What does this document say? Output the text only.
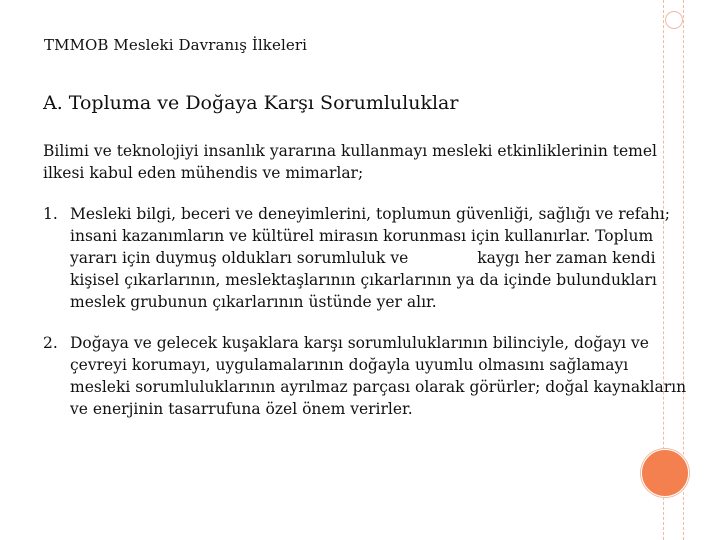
TMMOB Mesleki Davranış İlkeleri
A. Topluma ve Doğaya Karşı Sorumluluklar

Bilimi ve teknolojiyi insanlık yararına kullanmayı mesleki etkinliklerinin temel
ilkesi kabul eden mühendis ve mimarlar;

1. Mesleki bilgi, beceri ve deneyimlerini, toplumun güvenliği, sağlığı ve refahı;
insani kazanımların ve kültürel mirasın korunması için kullanırlar. Toplum
yararı için duymuş oldukları sorumluluk ve              kaygı her zaman kendi
kişisel çıkarlarının, meslektaşlarının çıkarlarının ya da içinde bulundukları
meslek grubunun çıkarlarının üstünde yer alır.
2. Doğaya ve gelecek kuşaklara karşı sorumluluklarının bilinciyle, doğayı ve
çevreyi korumayı, uygulamalarının doğayla uyumlu olmasını sağlamayı
mesleki sorumluluklarının ayrılmaz parçası olarak görürler; doğal kaynakların
ve enerjinin tasarrufuna özel önem verirler.
